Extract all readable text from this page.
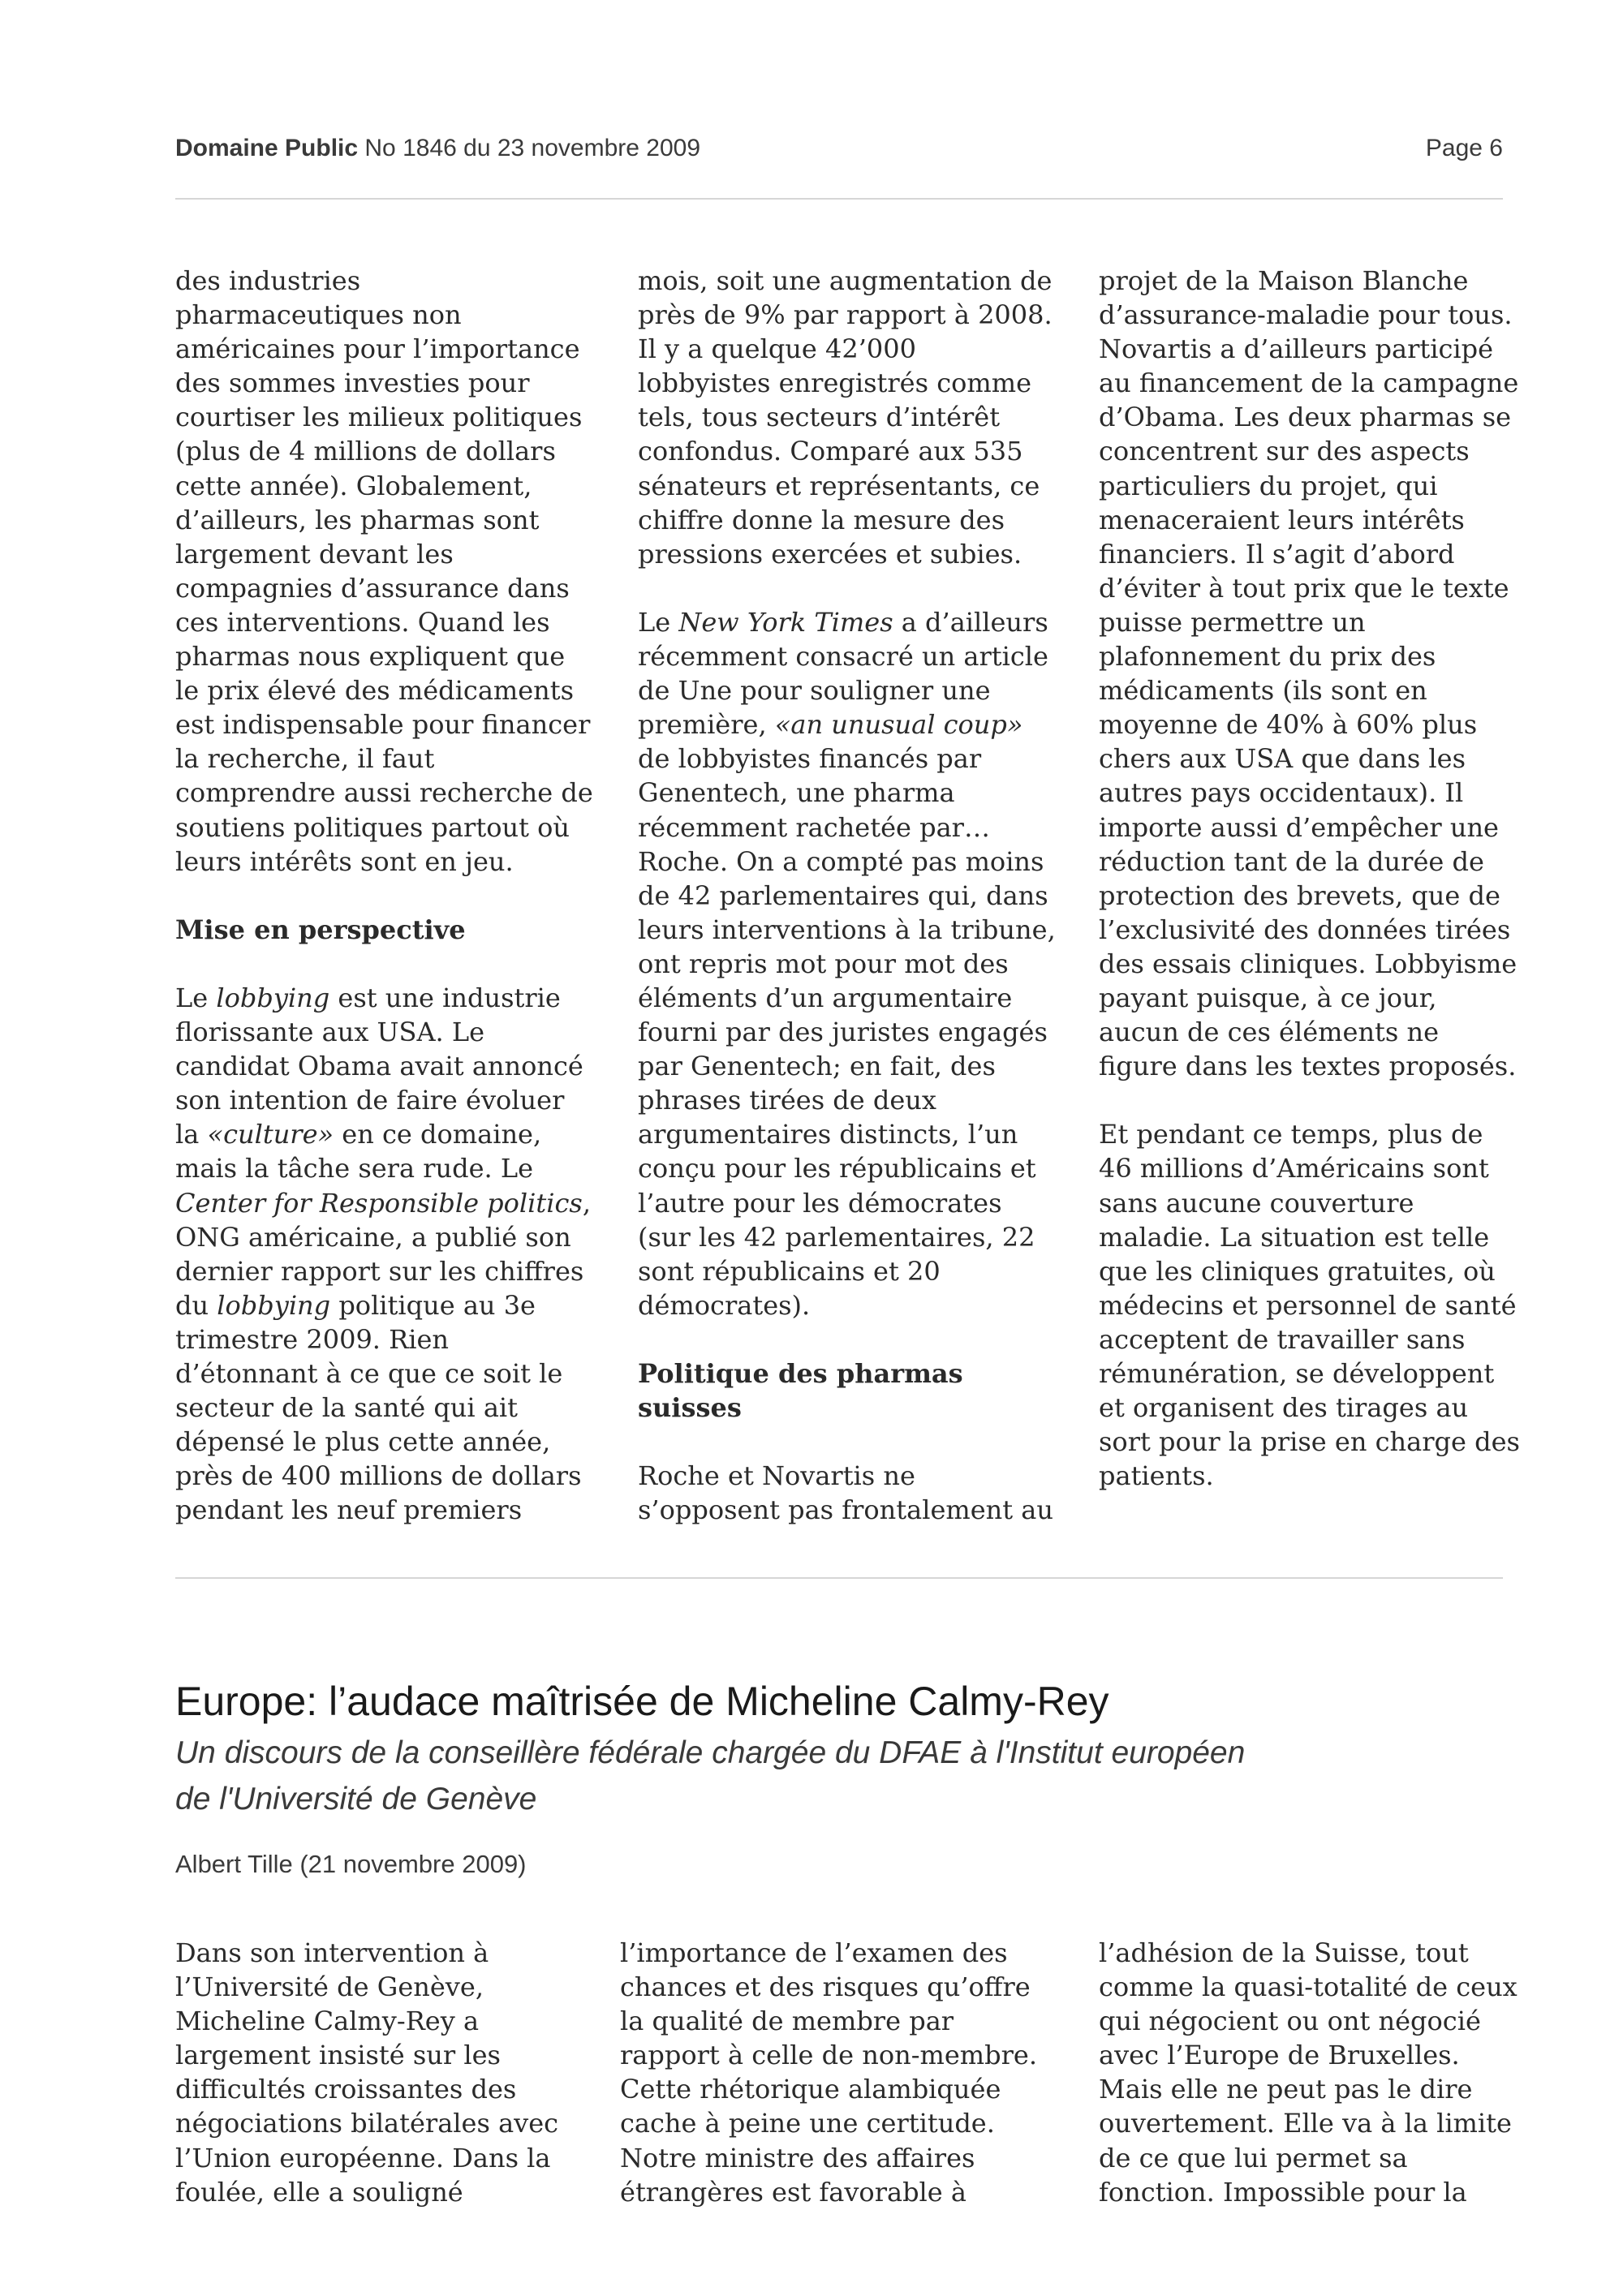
Domaine Public No 1846 du 23 novembre 2009	Page 6
des industries
pharmaceutiques non
américaines pour l’importance
des sommes investies pour
courtiser les milieux politiques
(plus de 4 millions de dollars
cette année). Globalement,
d’ailleurs, les pharmas sont
largement devant les
compagnies d’assurance dans
ces interventions. Quand les
pharmas nous expliquent que
le prix élevé des médicaments
est indispensable pour financer
la recherche, il faut
comprendre aussi recherche de
soutiens politiques partout où
leurs intérêts sont en jeu.
Mise en perspective
Le lobbying est une industrie
florissante aux USA. Le
candidat Obama avait annoncé
son intention de faire évoluer
la «culture» en ce domaine,
mais la tâche sera rude. Le
Center for Responsible politics,
ONG américaine, a publié son
dernier rapport sur les chiffres
du lobbying politique au 3e
trimestre 2009. Rien
d’étonnant à ce que ce soit le
secteur de la santé qui ait
dépensé le plus cette année,
près de 400 millions de dollars
pendant les neuf premiers
mois, soit une augmentation de
près de 9% par rapport à 2008.
Il y a quelque 42’000
lobbyistes enregistrés comme
tels, tous secteurs d’intérêt
confondus. Comparé aux 535
sénateurs et représentants, ce
chiffre donne la mesure des
pressions exercées et subies.
Le New York Times a d’ailleurs
récemment consacré un article
de Une pour souligner une
première, «an unusual coup»
de lobbyistes financés par
Genentech, une pharma
récemment rachetée par…
Roche. On a compté pas moins
de 42 parlementaires qui, dans
leurs interventions à la tribune,
ont repris mot pour mot des
éléments d’un argumentaire
fourni par des juristes engagés
par Genentech; en fait, des
phrases tirées de deux
argumentaires distincts, l’un
conçu pour les républicains et
l’autre pour les démocrates
(sur les 42 parlementaires, 22
sont républicains et 20
démocrates).
Politique des pharmas
suisses
Roche et Novartis ne
s’opposent pas frontalement au
projet de la Maison Blanche
d’assurance-maladie pour tous.
Novartis a d’ailleurs participé
au financement de la campagne
d’Obama. Les deux pharmas se
concentrent sur des aspects
particuliers du projet, qui
menaceraient leurs intérêts
financiers. Il s’agit d’abord
d’éviter à tout prix que le texte
puisse permettre un
plafonnement du prix des
médicaments (ils sont en
moyenne de 40% à 60% plus
chers aux USA que dans les
autres pays occidentaux). Il
importe aussi d’empêcher une
réduction tant de la durée de
protection des brevets, que de
l’exclusivité des données tirées
des essais cliniques. Lobbyisme
payant puisque, à ce jour,
aucun de ces éléments ne
figure dans les textes proposés.
Et pendant ce temps, plus de
46 millions d’Américains sont
sans aucune couverture
maladie. La situation est telle
que les cliniques gratuites, où
médecins et personnel de santé
acceptent de travailler sans
rémunération, se développent
et organisent des tirages au
sort pour la prise en charge des
patients.
Europe: l’audace maîtrisée de Micheline Calmy-Rey
Un discours de la conseillère fédérale chargée du DFAE à l'Institut européen
de l'Université de Genève
Albert Tille (21 novembre 2009)
Dans son intervention à
l’Université de Genève,
Micheline Calmy-Rey a
largement insisté sur les
difficultés croissantes des
négociations bilatérales avec
l’Union européenne. Dans la
foulée, elle a souligné
l’importance de l’examen des
chances et des risques qu’offre
la qualité de membre par
rapport à celle de non-membre.
Cette rhétorique alambiquée
cache à peine une certitude.
Notre ministre des affaires
étrangères est favorable à
l’adhésion de la Suisse, tout
comme la quasi-totalité de ceux
qui négocient ou ont négocié
avec l’Europe de Bruxelles.
Mais elle ne peut pas le dire
ouvertement. Elle va à la limite
de ce que lui permet sa
fonction. Impossible pour la
